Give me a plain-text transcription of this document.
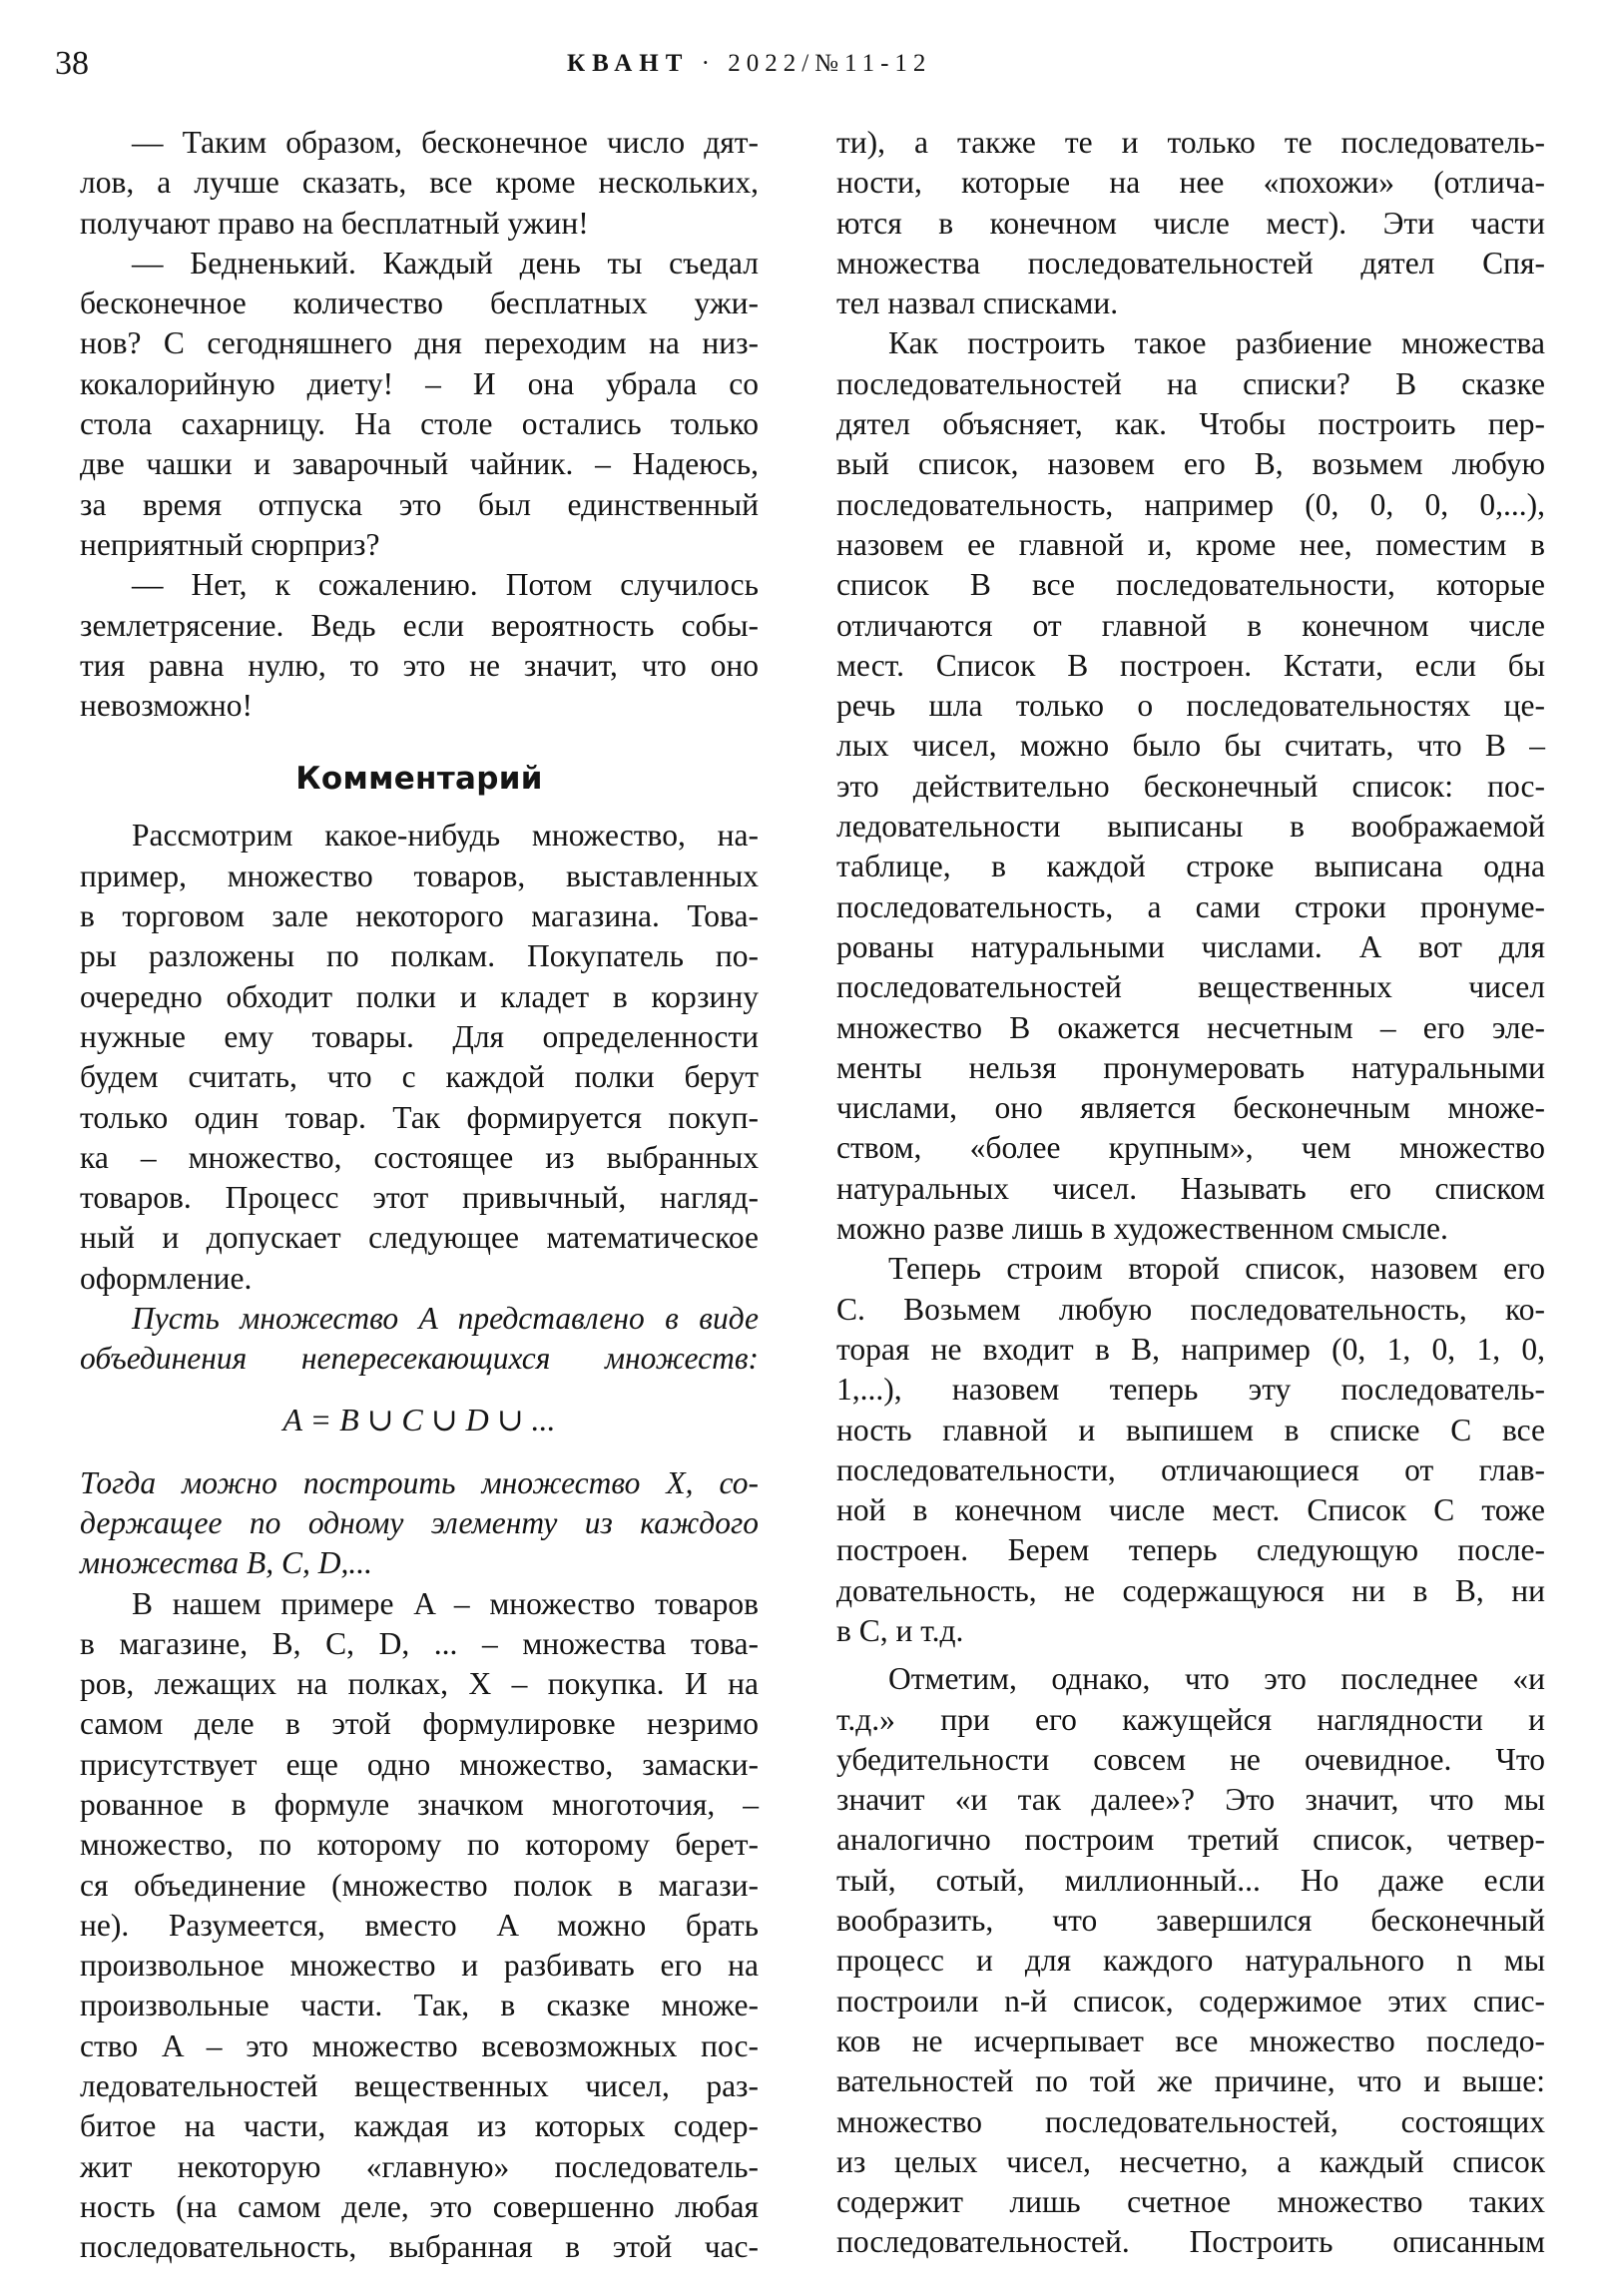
38	КВАНТ · 2022/№11-12
— Таким образом, бесконечное число дят-
лов, а лучше сказать, все кроме нескольких,
получают право на бесплатный ужин!
— Бедненький. Каждый день ты съедал
бесконечное количество бесплатных ужи-
нов? С сегодняшнего дня переходим на низ-
кокалорийную диету! – И она убрала со
стола сахарницу. На столе остались только
две чашки и заварочный чайник. – Надеюсь,
за время отпуска это был единственный
неприятный сюрприз?
— Нет, к сожалению. Потом случилось
землетрясение. Ведь если вероятность собы-
тия равна нулю, то это не значит, что оно
невозможно!
Комментарий
Рассмотрим какое-нибудь множество, на-
пример, множество товаров, выставленных
в торговом зале некоторого магазина. Това-
ры разложены по полкам. Покупатель по-
очередно обходит полки и кладет в корзину
нужные ему товары. Для определенности
будем считать, что с каждой полки берут
только один товар. Так формируется покуп-
ка – множество, состоящее из выбранных
товаров. Процесс этот привычный, нагляд-
ный и допускает следующее математическое
оформление.
Пусть множество A представлено в виде
объединения непересекающихся множеств:
A = B ∪ C ∪ D ∪ ...
Тогда можно построить множество X, со-
держащее по одному элементу из каждого
множества B, C, D,...
В нашем примере A – множество товаров
в магазине, B, C, D, ... – множества това-
ров, лежащих на полках, X – покупка. И на
самом деле в этой формулировке незримо
присутствует еще одно множество, замаски-
рованное в формуле значком многоточия, –
множество, по которому по которому берет-
ся объединение (множество полок в магази-
не). Разумеется, вместо A можно брать
произвольное множество и разбивать его на
произвольные части. Так, в сказке множе-
ство A – это множество всевозможных пос-
ледовательностей вещественных чисел, раз-
битое на части, каждая из которых содер-
жит некоторую «главную» последователь-
ность (на самом деле, это совершенно любая
последовательность, выбранная в этой час-
ти), а также те и только те последователь-
ности, которые на нее «похожи» (отлича-
ются в конечном числе мест). Эти части
множества последовательностей дятел Спя-
тел назвал списками.
Как построить такое разбиение множества
последовательностей на списки? В сказке
дятел объясняет, как. Чтобы построить пер-
вый список, назовем его B, возьмем любую
последовательность, например (0, 0, 0, 0,...),
назовем ее главной и, кроме нее, поместим в
список B все последовательности, которые
отличаются от главной в конечном числе
мест. Список B построен. Кстати, если бы
речь шла только о последовательностях це-
лых чисел, можно было бы считать, что B –
это действительно бесконечный список: пос-
ледовательности выписаны в воображаемой
таблице, в каждой строке выписана одна
последовательность, а сами строки пронуме-
рованы натуральными числами. А вот для
последовательностей вещественных чисел
множество B окажется несчетным – его эле-
менты нельзя пронумеровать натуральными
числами, оно является бесконечным множе-
ством, «более крупным», чем множество
натуральных чисел. Называть его списком
можно разве лишь в художественном смысле.
Теперь строим второй список, назовем его
C. Возьмем любую последовательность, ко-
торая не входит в B, например (0, 1, 0, 1, 0,
1,...), назовем теперь эту последователь-
ность главной и выпишем в списке C все
последовательности, отличающиеся от глав-
ной в конечном числе мест. Список C тоже
построен. Берем теперь следующую после-
довательность, не содержащуюся ни в B, ни
в C, и т.д.
Отметим, однако, что это последнее «и
т.д.» при его кажущейся наглядности и
убедительности совсем не очевидное. Что
значит «и так далее»? Это значит, что мы
аналогично построим третий список, четвер-
тый, сотый, миллионный... Но даже если
вообразить, что завершился бесконечный
процесс и для каждого натурального n мы
построили n-й список, содержимое этих спис-
ков не исчерпывает все множество последо-
вательностей по той же причине, что и выше:
множество последовательностей, состоящих
из целых чисел, несчетно, а каждый список
содержит лишь счетное множество таких
последовательностей. Построить описанным
